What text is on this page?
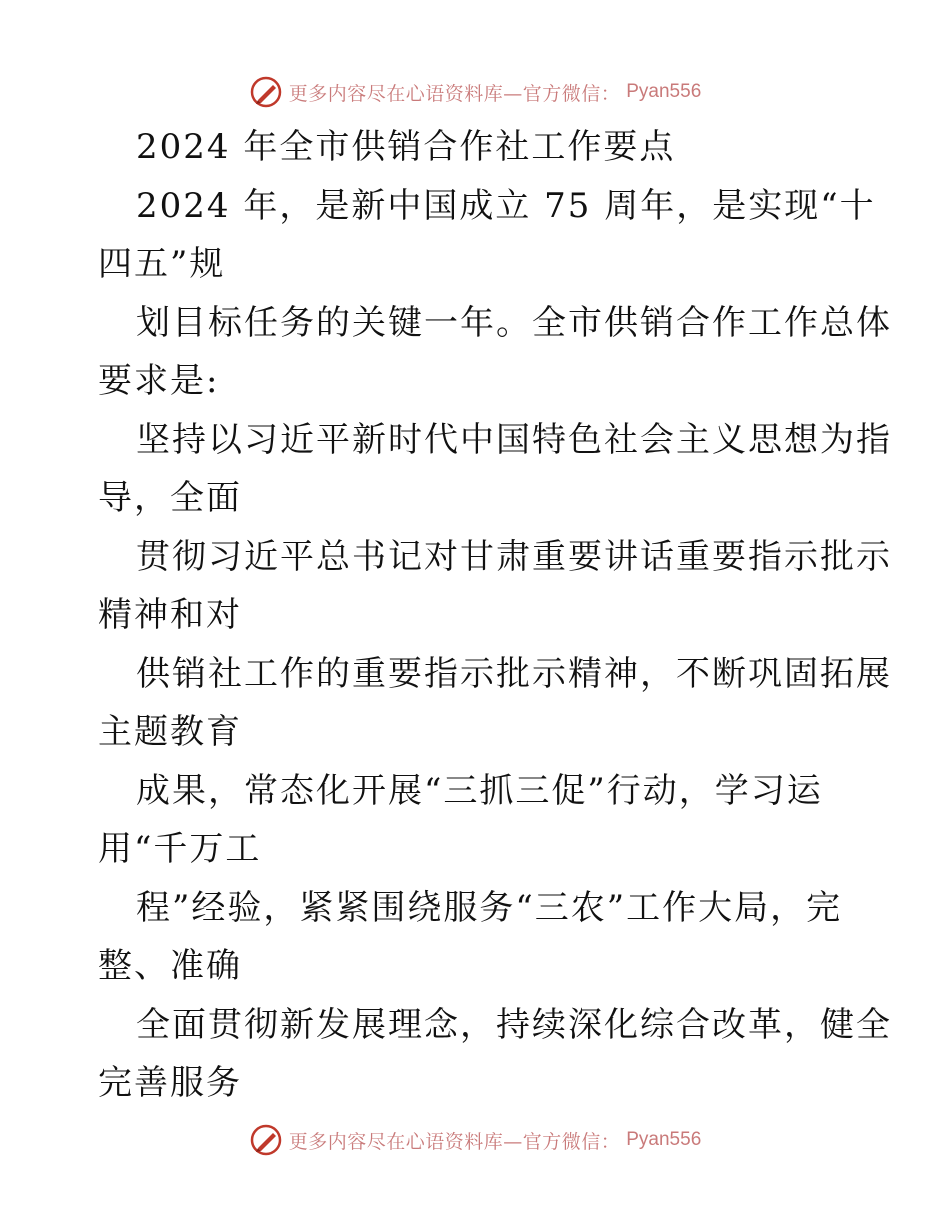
更多内容尽在心语资料库—官方微信： Pyan556
2024 年全市供销合作社工作要点
2024 年，是新中国成立 75 周年，是实现“十
四五”规
划目标任务的关键一年。全市供销合作工作总体
要求是:
坚持以习近平新时代中国特色社会主义思想为指
导，全面
贯彻习近平总书记对甘肃重要讲话重要指示批示
精神和对
供销社工作的重要指示批示精神，不断巩固拓展
主题教育
成果，常态化开展“三抓三促”行动，学习运
用“千万工
程”经验，紧紧围绕服务“三农”工作大局，完
整、准确
全面贯彻新发展理念，持续深化综合改革，健全
完善服务
更多内容尽在心语资料库—官方微信： Pyan556
